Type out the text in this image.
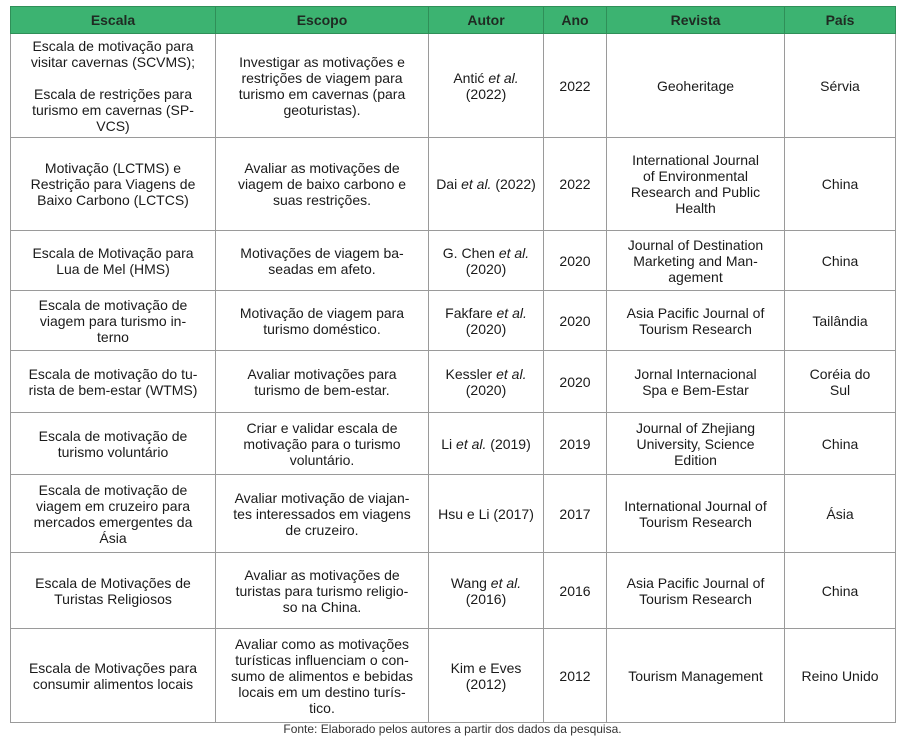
Escala	Escopo	Autor	Ano	Revista	País

Escala de motivação para
visitar cavernas (SCVMS);
Escala de restrições para
turismo em cavernas (SP-
VCS)	Investigar as motivações e
restrições de viagem para
turismo em cavernas (para
geoturistas).	Antić et al.
(2022)	2022	Geoheritage	Sérvia

Motivação (LCTMS) e
Restrição para Viagens de
Baixo Carbono (LCTCS)	Avaliar as motivações de
viagem de baixo carbono e
suas restrições.	Dai et al. (2022)	2022	International Journal
of Environmental
Research and Public
Health	China

Escala de Motivação para
Lua de Mel (HMS)	Motivações de viagem ba-
seadas em afeto.	G. Chen et al.
(2020)	2020	Journal of Destination
Marketing and Man-
agement	China

Escala de motivação de
viagem para turismo in-
terno	Motivação de viagem para
turismo doméstico.	Fakfare et al.
(2020)	2020	Asia Pacific Journal of
Tourism Research	Tailândia

Escala de motivação do tu-
rista de bem-estar (WTMS)	Avaliar motivações para
turismo de bem-estar.	Kessler et al.
(2020)	2020	Jornal Internacional
Spa e Bem-Estar	Coréia do
Sul

Escala de motivação de
turismo voluntário	Criar e validar escala de
motivação para o turismo
voluntário.	Li et al. (2019)	2019	Journal of Zhejiang
University, Science
Edition	China

Escala de motivação de
viagem em cruzeiro para
mercados emergentes da
Ásia	Avaliar motivação de viajan-
tes interessados em viagens
de cruzeiro.	Hsu e Li (2017)	2017	International Journal of
Tourism Research	Ásia

Escala de Motivações de
Turistas Religiosos	Avaliar as motivações de
turistas para turismo religio-
so na China.	Wang et al.
(2016)	2016	Asia Pacific Journal of
Tourism Research	China

Escala de Motivações para
consumir alimentos locais	Avaliar como as motivações
turísticas influenciam o con-
sumo de alimentos e bebidas
locais em um destino turís-
tico.	Kim e Eves
(2012)	2012	Tourism Management	Reino Unido
Fonte: Elaborado pelos autores a partir dos dados da pesquisa.
